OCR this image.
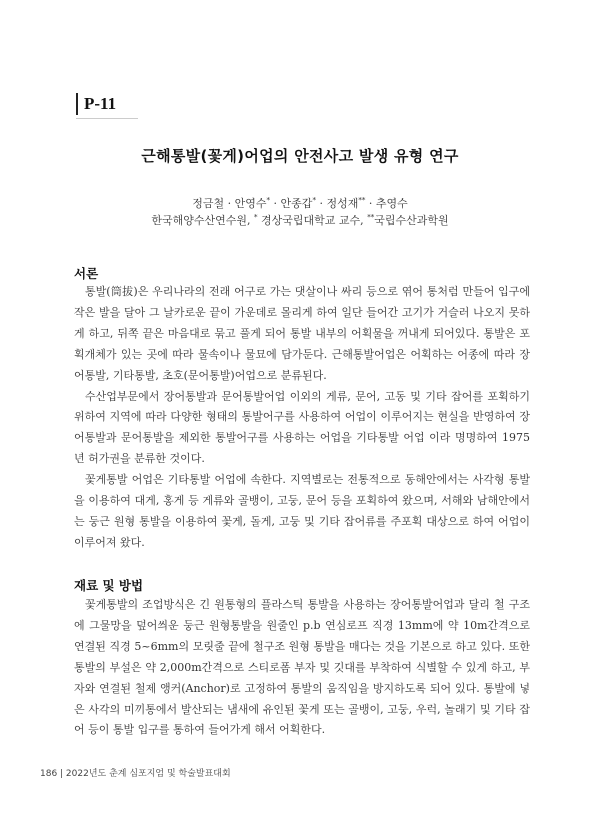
P-11
근해통발(꽃게)어업의 안전사고 발생 유형 연구
정금철 · 안영수* · 안종갑* · 정성재** · 추영수
한국해양수산연수원, * 경상국립대학교 교수, **국립수산과학원
서론

통발(筒拔)은 우리나라의 전래 어구로 가는 댓살이나 싸리 등으로 엮어 통처럼 만들어 입구에 작은 발을 달아 그 날카로운 끝이 가운데로 몰리게 하여 일단 들어간 고기가 거슬러 나오지 못하게 하고, 뒤쪽 끝은 마음대로 묶고 풀게 되어 통발 내부의 어획물을 꺼내게 되어있다. 통발은 포획개체가 있는 곳에 따라 물속이나 물묘에 담가둔다. 근해통발어업은 어획하는 어종에 따라 장어통발, 기타통발, 초호(문어통발)어업으로 분류된다.

수산업부문에서 장어통발과 문어통발어업 이외의 게류, 문어, 고동 및 기타 잡어를 포획하기 위하여 지역에 따라 다양한 형태의 통발어구를 사용하여 어업이 이루어지는 현실을 반영하여 장어통발과 문어통발을 제외한 통발어구를 사용하는 어업을 기타통발 어업 이라 명명하여 1975년 허가권을 분류한 것이다.

꽃게통발 어업은 기타통발 어업에 속한다. 지역별로는 전통적으로 동해안에서는 사각형 통발을 이용하여 대게, 홍게 등 게류와 골뱅이, 고둥, 문어 등을 포획하여 왔으며, 서해와 남해안에서는 둥근 원형 통발을 이용하여 꽃게, 돌게, 고둥 및 기타 잡어류를 주포획 대상으로 하여 어업이 이루어져 왔다.

재료 및 방법

꽃게통발의 조업방식은 긴 원통형의 플라스틱 통발을 사용하는 장어통발어업과 달리 철 구조에 그물망을 덮어씌운 둥근 원형통발을 원줄인 p.b 연심로프 직경 13mm에 약 10m간격으로 연결된 직경 5~6mm의 모릿줄 끝에 철구조 원형 통발을 매다는 것을 기본으로 하고 있다. 또한 통발의 부설은 약 2,000m간격으로 스티로폼 부자 및 깃대를 부착하여 식별할 수 있게 하고, 부자와 연결된 철제 앵커(Anchor)로 고정하여 통발의 움직임을 방지하도록 되어 있다. 통발에 넣은 사각의 미끼통에서 발산되는 냄새에 유인된 꽃게 또는 골뱅이, 고둥, 우럭, 놀래기 및 기타 잡어 등이 통발 입구를 통하여 들어가게 해서 어획한다.

186 | 2022년도 춘계 심포지엄 및 학술발표대회
